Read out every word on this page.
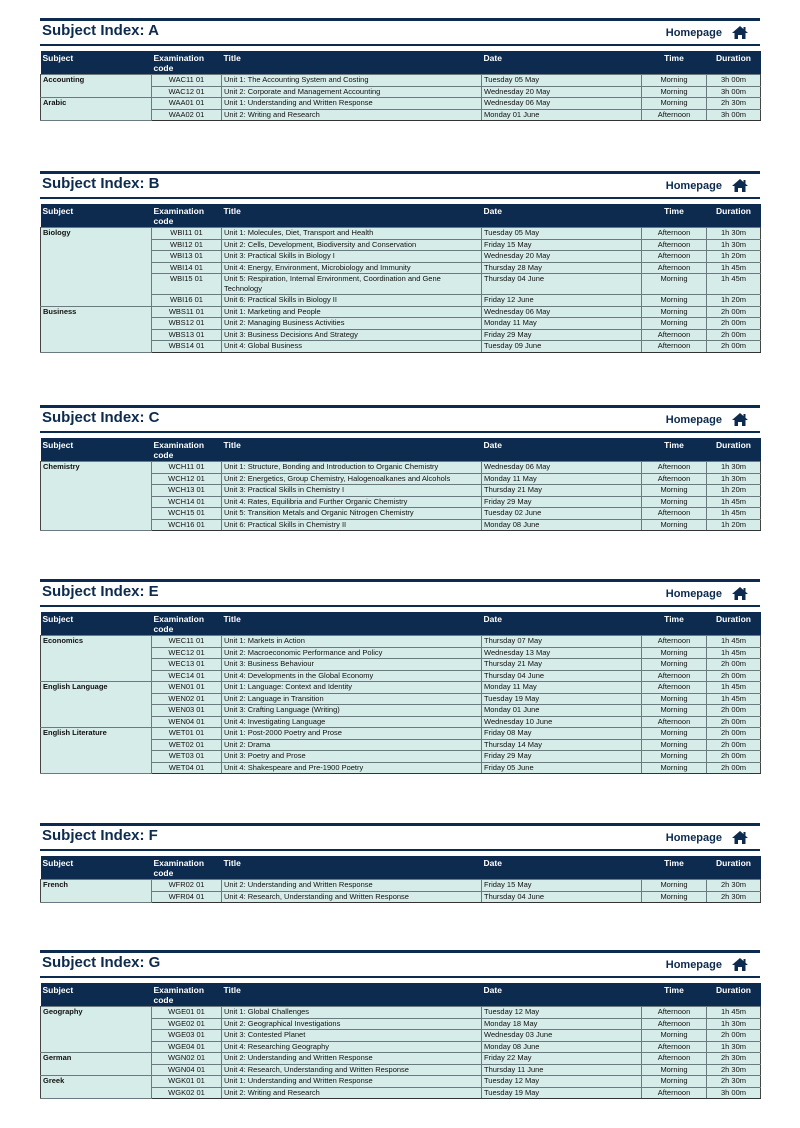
Subject Index: A	Homepage
Subject	Examination code	Title	Date	Time	Duration
Accounting	WAC11 01	Unit 1: The Accounting System and Costing	Tuesday 05 May	Morning	3h 00m
	WAC12 01	Unit 2: Corporate and Management Accounting	Wednesday 20 May	Morning	3h 00m
Arabic	WAA01 01	Unit 1: Understanding and Written Response	Wednesday 06 May	Morning	2h 30m
	WAA02 01	Unit 2: Writing and Research	Monday 01 June	Afternoon	3h 00m
Subject Index: B	Homepage
Subject	Examination code	Title	Date	Time	Duration
Biology	WBI11 01	Unit 1: Molecules, Diet, Transport and Health	Tuesday 05 May	Afternoon	1h 30m
	WBI12 01	Unit 2: Cells, Development, Biodiversity and Conservation	Friday 15 May	Afternoon	1h 30m
	WBI13 01	Unit 3: Practical Skills in Biology I	Wednesday 20 May	Afternoon	1h 20m
	WBI14 01	Unit 4: Energy, Environment, Microbiology and Immunity	Thursday 28 May	Afternoon	1h 45m
	WBI15 01	Unit 5: Respiration, Internal Environment, Coordination and Gene Technology	Thursday 04 June	Morning	1h 45m
	WBI16 01	Unit 6: Practical Skills in Biology II	Friday 12 June	Morning	1h 20m
Business	WBS11 01	Unit 1: Marketing and People	Wednesday 06 May	Morning	2h 00m
	WBS12 01	Unit 2: Managing Business Activities	Monday 11 May	Morning	2h 00m
	WBS13 01	Unit 3: Business Decisions And Strategy	Friday 29 May	Afternoon	2h 00m
	WBS14 01	Unit 4: Global Business	Tuesday 09 June	Afternoon	2h 00m
Subject Index: C	Homepage
Subject	Examination code	Title	Date	Time	Duration
Chemistry	WCH11 01	Unit 1: Structure, Bonding and Introduction to Organic Chemistry	Wednesday 06 May	Afternoon	1h 30m
	WCH12 01	Unit 2: Energetics, Group Chemistry, Halogenoalkanes and Alcohols	Monday 11 May	Afternoon	1h 30m
	WCH13 01	Unit 3: Practical Skills in Chemistry I	Thursday 21 May	Morning	1h 20m
	WCH14 01	Unit 4: Rates, Equilibria and Further Organic Chemistry	Friday 29 May	Morning	1h 45m
	WCH15 01	Unit 5: Transition Metals and Organic Nitrogen Chemistry	Tuesday 02 June	Afternoon	1h 45m
	WCH16 01	Unit 6: Practical Skills in Chemistry II	Monday 08 June	Morning	1h 20m
Subject Index: E	Homepage
Subject	Examination code	Title	Date	Time	Duration
Economics	WEC11 01	Unit 1: Markets in Action	Thursday 07 May	Afternoon	1h 45m
	WEC12 01	Unit 2: Macroeconomic Performance and Policy	Wednesday 13 May	Morning	1h 45m
	WEC13 01	Unit 3: Business Behaviour	Thursday 21 May	Morning	2h 00m
	WEC14 01	Unit 4: Developments in the Global Economy	Thursday 04 June	Afternoon	2h 00m
English Language	WEN01 01	Unit 1: Language: Context and Identity	Monday 11 May	Afternoon	1h 45m
	WEN02 01	Unit 2: Language in Transition	Tuesday 19 May	Morning	1h 45m
	WEN03 01	Unit 3: Crafting Language (Writing)	Monday 01 June	Morning	2h 00m
	WEN04 01	Unit 4: Investigating Language	Wednesday 10 June	Afternoon	2h 00m
English Literature	WET01 01	Unit 1: Post-2000 Poetry and Prose	Friday 08 May	Morning	2h 00m
	WET02 01	Unit 2: Drama	Thursday 14 May	Morning	2h 00m
	WET03 01	Unit 3: Poetry and Prose	Friday 29 May	Morning	2h 00m
	WET04 01	Unit 4: Shakespeare and Pre-1900 Poetry	Friday 05 June	Morning	2h 00m
Subject Index: F	Homepage
Subject	Examination code	Title	Date	Time	Duration
French	WFR02 01	Unit 2: Understanding and Written Response	Friday 15 May	Morning	2h 30m
	WFR04 01	Unit 4: Research, Understanding and Written Response	Thursday 04 June	Morning	2h 30m
Subject Index: G	Homepage
Subject	Examination code	Title	Date	Time	Duration
Geography	WGE01 01	Unit 1: Global Challenges	Tuesday 12 May	Afternoon	1h 45m
	WGE02 01	Unit 2: Geographical Investigations	Monday 18 May	Afternoon	1h 30m
	WGE03 01	Unit 3: Contested Planet	Wednesday 03 June	Morning	2h 00m
	WGE04 01	Unit 4: Researching Geography	Monday 08 June	Afternoon	1h 30m
German	WGN02 01	Unit 2: Understanding and Written Response	Friday 22 May	Afternoon	2h 30m
	WGN04 01	Unit 4: Research, Understanding and Written Response	Thursday 11 June	Morning	2h 30m
Greek	WGK01 01	Unit 1: Understanding and Written Response	Tuesday 12 May	Morning	2h 30m
	WGK02 01	Unit 2: Writing and Research	Tuesday 19 May	Afternoon	3h 00m
